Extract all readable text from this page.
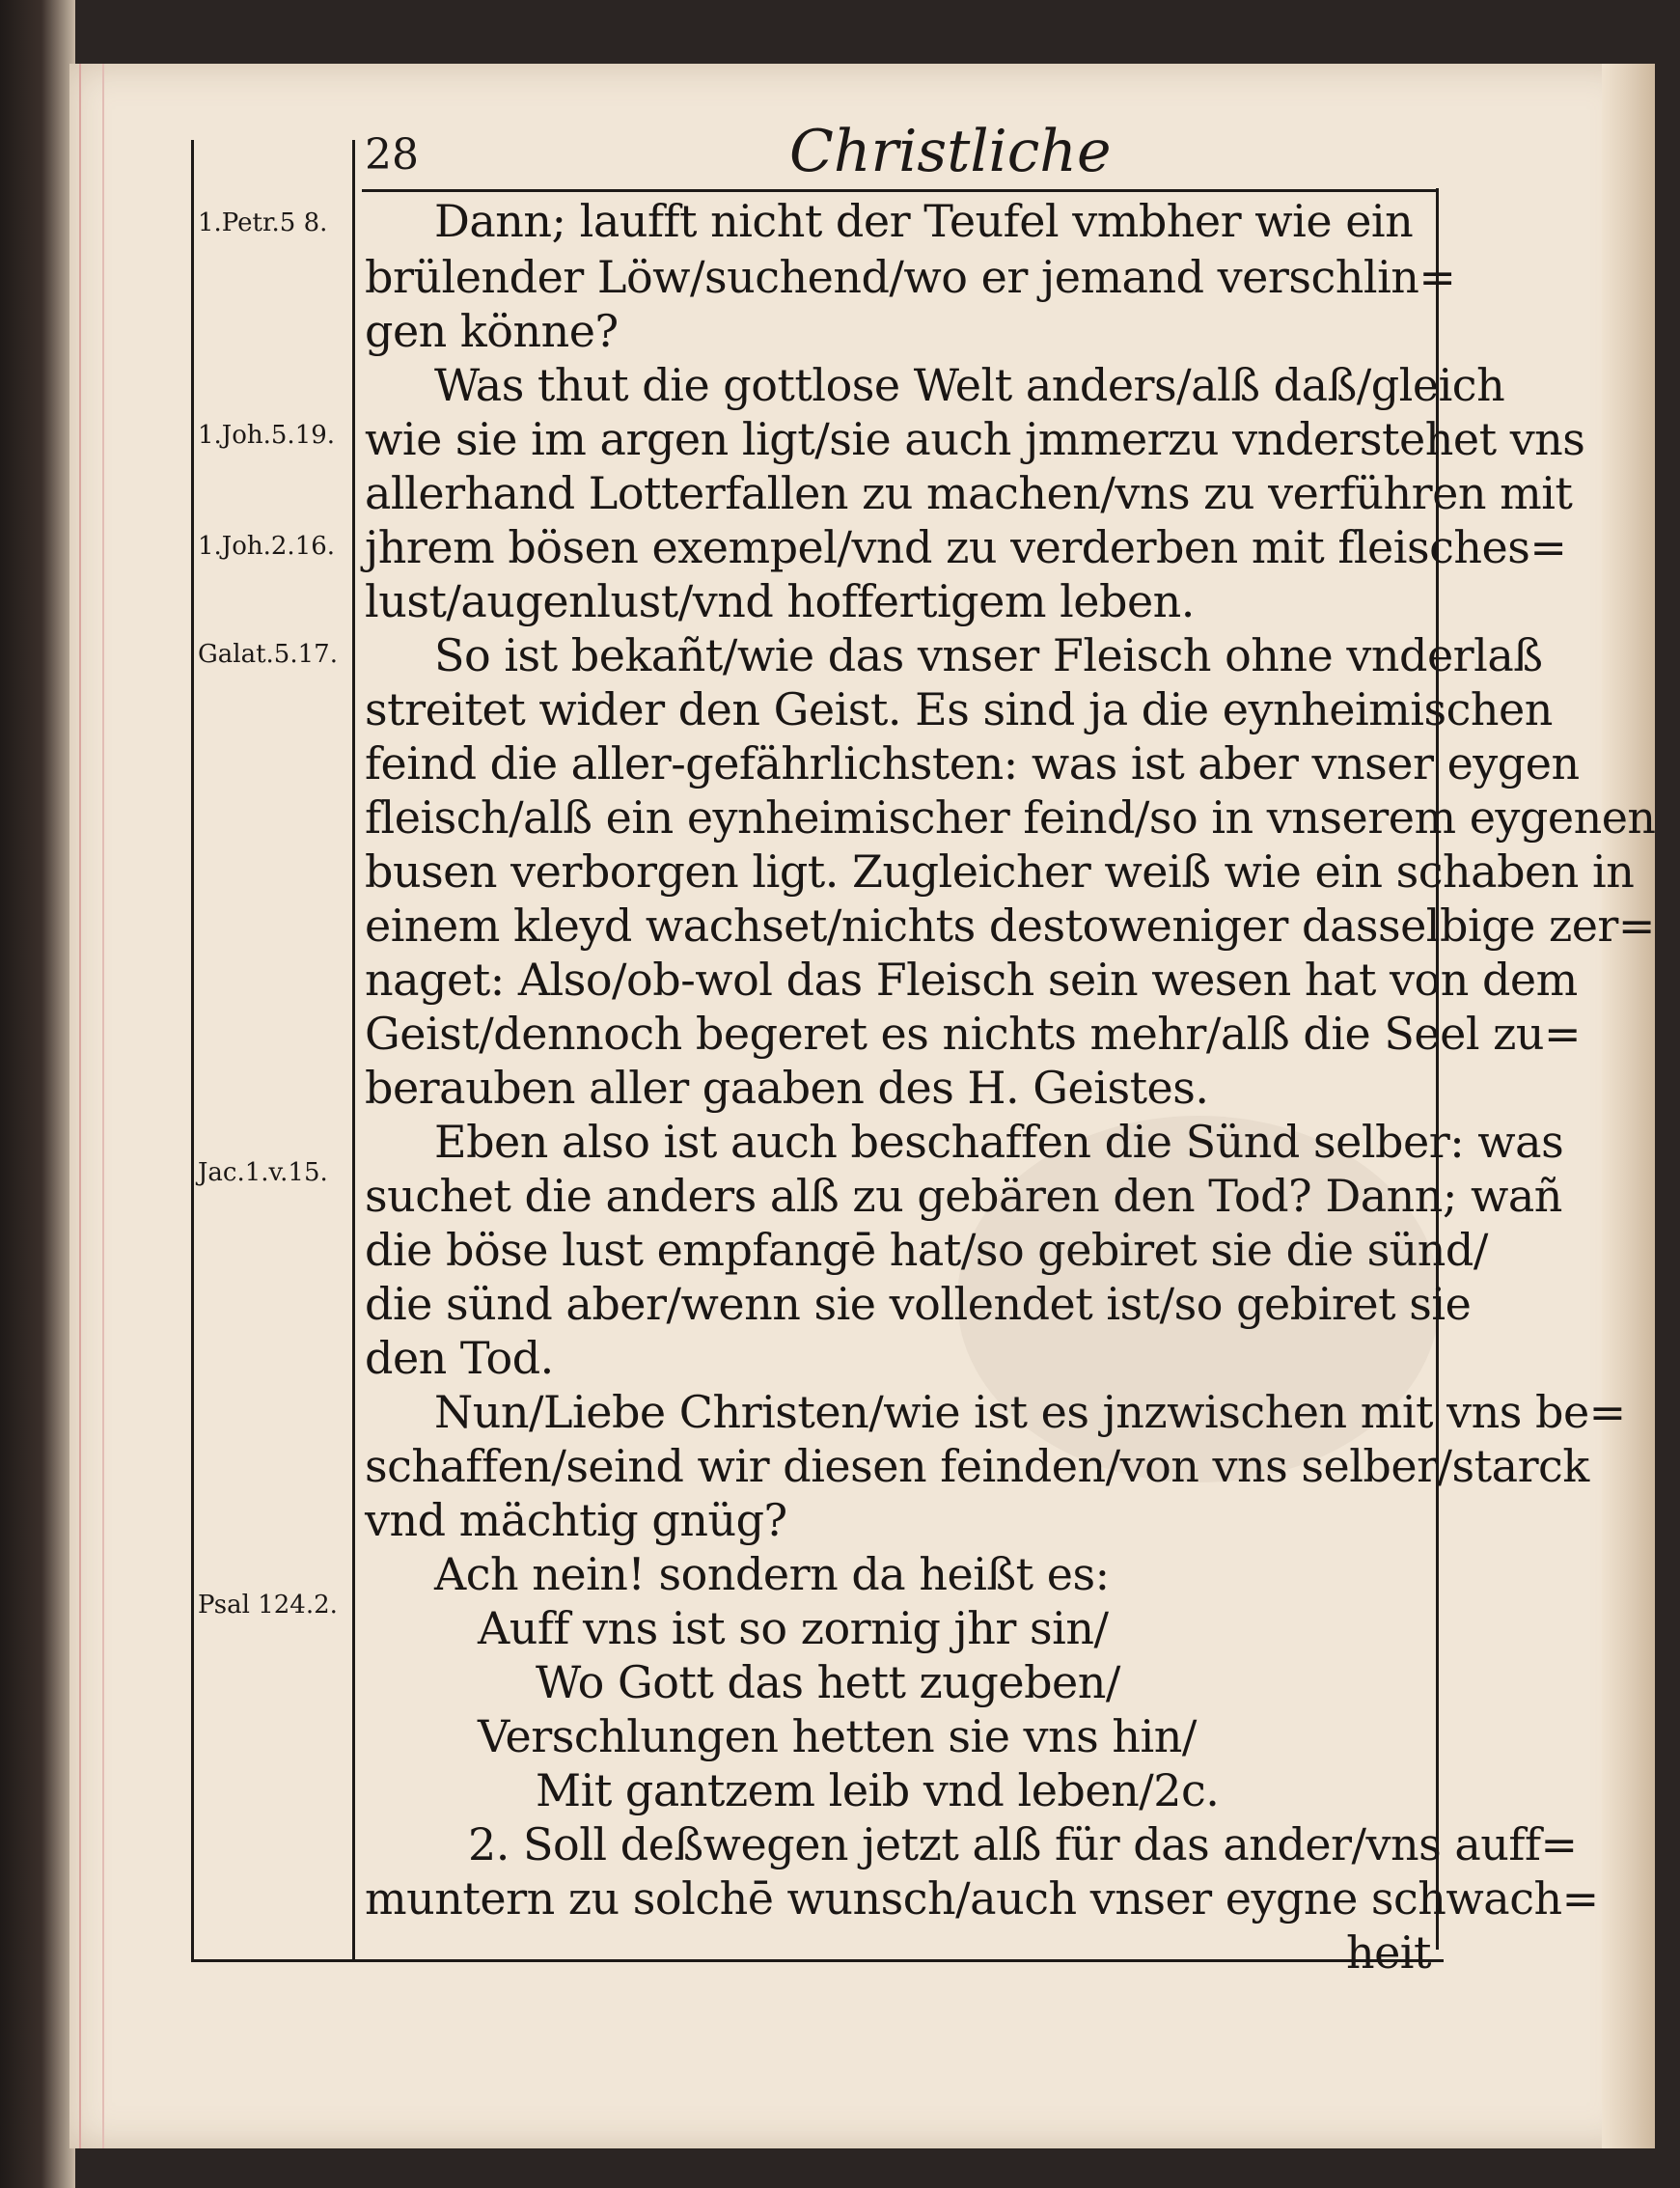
28	Christliche
1.Petr.5 8.
1.Joh.5.19.
1.Joh.2.16.
Galat.5.17.
Jac.1.v.15.
Psal 124.2.
Dann; laufft nicht der Teufel vmbher wie ein
brülender Löw/suchend/wo er jemand verschlin=
gen könne?
Was thut die gottlose Welt anders/alß daß/gleich
wie sie im argen ligt/sie auch jmmerzu vnderstehet vns
allerhand Lotterfallen zu machen/vns zu verführen mit
jhrem bösen exempel/vnd zu verderben mit fleisches=
lust/augenlust/vnd hoffertigem leben.
So ist bekañt/wie das vnser Fleisch ohne vnderlaß
streitet wider den Geist. Es sind ja die eynheimischen
feind die aller-gefährlichsten: was ist aber vnser eygen
fleisch/alß ein eynheimischer feind/so in vnserem eygenen
busen verborgen ligt. Zugleicher weiß wie ein schaben in
einem kleyd wachset/nichts destoweniger dasselbige zer=
naget: Also/ob-wol das Fleisch sein wesen hat von dem
Geist/dennoch begeret es nichts mehr/alß die Seel zu=
berauben aller gaaben des H. Geistes.
Eben also ist auch beschaffen die Sünd selber: was
suchet die anders alß zu gebären den Tod? Dann; wañ
die böse lust empfangē hat/so gebiret sie die sünd/
die sünd aber/wenn sie vollendet ist/so gebiret sie
den Tod.
Nun/Liebe Christen/wie ist es jnzwischen mit vns be=
schaffen/seind wir diesen feinden/von vns selber/starck
vnd mächtig gnüg?
Ach nein! sondern da heißt es:
Auff vns ist so zornig jhr sin/
Wo Gott das hett zugeben/
Verschlungen hetten sie vns hin/
Mit gantzem leib vnd leben/2c.
2. Soll deßwegen jetzt alß für das ander/vns auff=
muntern zu solchē wunsch/auch vnser eygne schwach=
heit
